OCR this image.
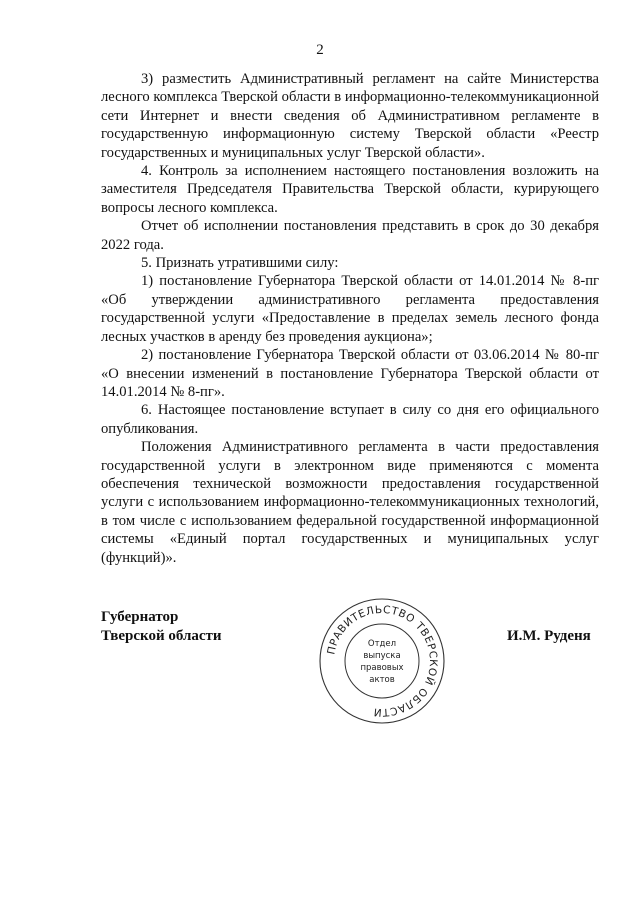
2

3) разместить Административный регламент на сайте Министерства лесного комплекса Тверской области в информационно-телекоммуникационной сети Интернет и внести сведения об Административном регламенте в государственную информационную систему Тверской области «Реестр государственных и муниципальных услуг Тверской области».

4. Контроль за исполнением настоящего постановления возложить на заместителя Председателя Правительства Тверской области, курирующего вопросы лесного комплекса.

Отчет об исполнении постановления представить в срок до 30 декабря 2022 года.

5. Признать утратившими силу:

1) постановление Губернатора Тверской области от 14.01.2014 № 8-пг «Об утверждении административного регламента предоставления государственной услуги «Предоставление в пределах земель лесного фонда лесных участков в аренду без проведения аукциона»;

2) постановление Губернатора Тверской области от 03.06.2014 № 80-пг «О внесении изменений в постановление Губернатора Тверской области от 14.01.2014 № 8-пг».

6. Настоящее постановление вступает в силу со дня его официального опубликования.

Положения Административного регламента в части предоставления государственной услуги в электронном виде применяются с момента обеспечения технической возможности предоставления государственной услуги с использованием информационно-телекоммуникационных технологий, в том числе с использованием федеральной государственной информационной системы «Единый портал государственных и муниципальных услуг (функций)».

Губернатор
Тверской области
ПРАВИТЕЛЬСТВО ТВЕРСКОЙ ОБЛАСТИ
Отдел
выпуска
правовых
актов
И.М. Руденя
